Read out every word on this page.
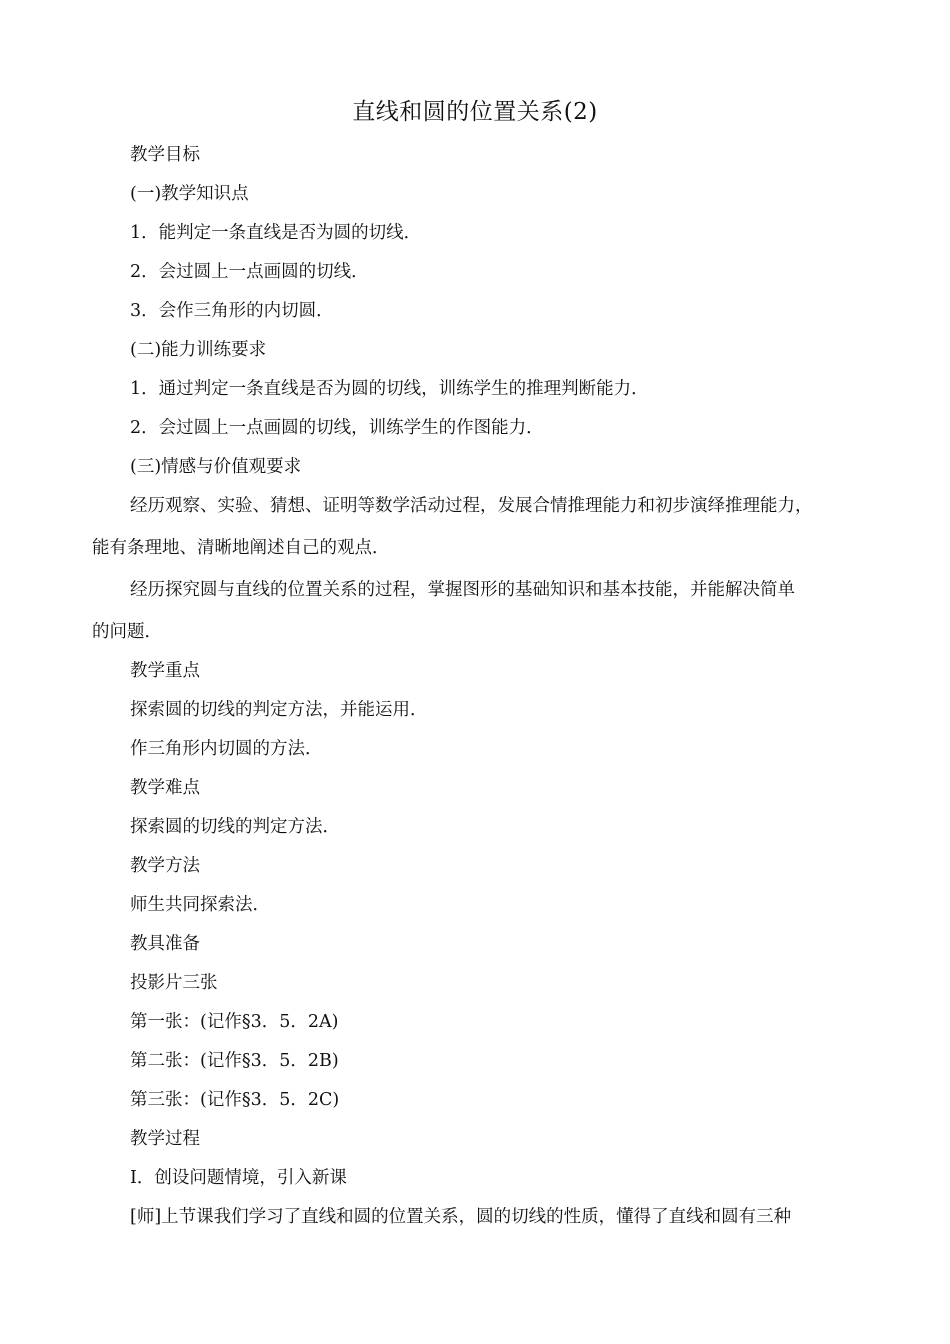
直线和圆的位置关系(2)

教学目标

(一)教学知识点

1．能判定一条直线是否为圆的切线．

2．会过圆上一点画圆的切线．

3．会作三角形的内切圆．

(二)能力训练要求

1．通过判定一条直线是否为圆的切线，训练学生的推理判断能力．

2．会过圆上一点画圆的切线，训练学生的作图能力．

(三)情感与价值观要求

经历观察、实验、猜想、证明等数学活动过程，发展合情推理能力和初步演绎推理能力，

能有条理地、清晰地阐述自己的观点．

经历探究圆与直线的位置关系的过程，掌握图形的基础知识和基本技能，并能解决简单

的问题．

教学重点

探索圆的切线的判定方法，并能运用．

作三角形内切圆的方法．

教学难点

探索圆的切线的判定方法．

教学方法

师生共同探索法．

教具准备

投影片三张

第一张：(记作§3．5．2A)

第二张：(记作§3．5．2B)

第三张：(记作§3．5．2C)

教学过程

Ⅰ．创设问题情境，引入新课

[师]上节课我们学习了直线和圆的位置关系，圆的切线的性质，懂得了直线和圆有三种
